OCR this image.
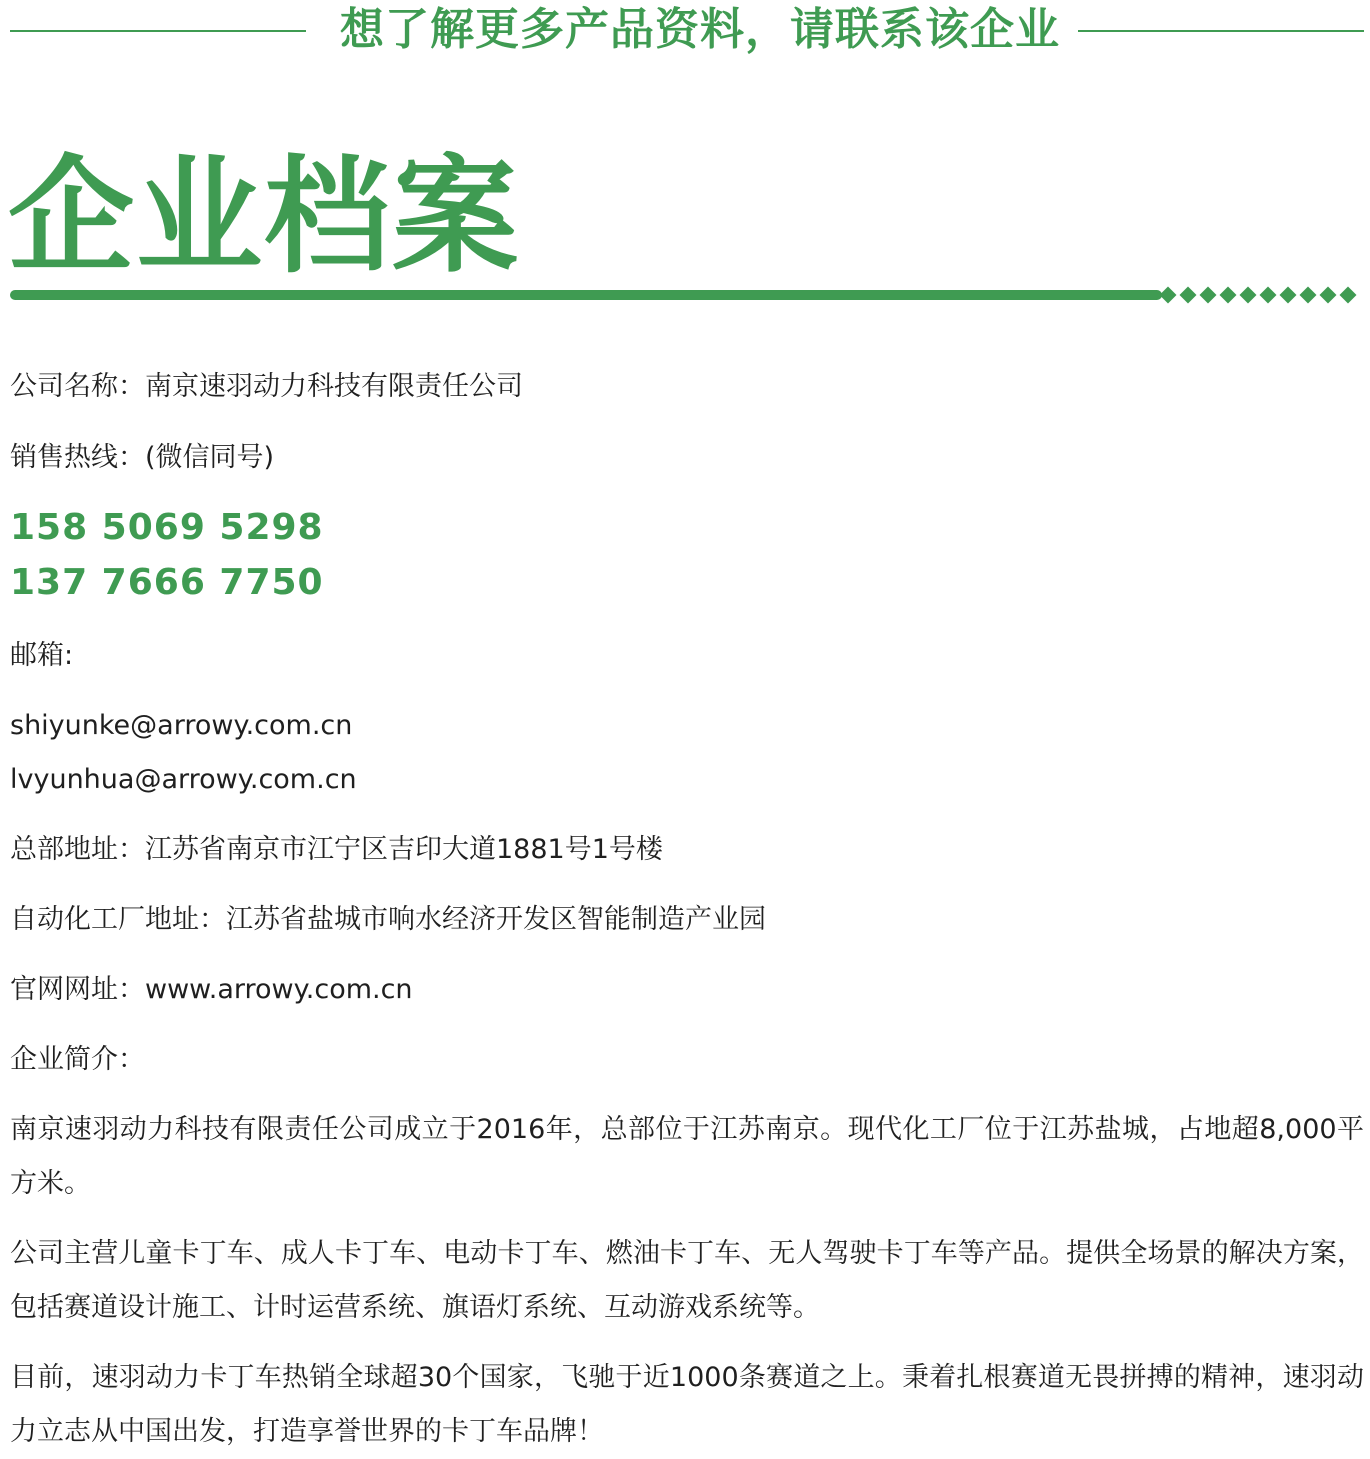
想了解更多产品资料，请联系该企业
企业档案
公司名称：南京速羽动力科技有限责任公司
销售热线：(微信同号)
158 5069 5298
137 7666 7750
邮箱:
shiyunke@arrowy.com.cn
lvyunhua@arrowy.com.cn
总部地址：江苏省南京市江宁区吉印大道1881号1号楼
自动化工厂地址：江苏省盐城市响水经济开发区智能制造产业园
官网网址：www.arrowy.com.cn
企业简介：
南京速羽动力科技有限责任公司成立于2016年，总部位于江苏南京。现代化工厂位于江苏盐城，占地超8,000平方米。
公司主营儿童卡丁车、成人卡丁车、电动卡丁车、燃油卡丁车、无人驾驶卡丁车等产品。提供全场景的解决方案，包括赛道设计施工、计时运营系统、旗语灯系统、互动游戏系统等。
目前，速羽动力卡丁车热销全球超30个国家，飞驰于近1000条赛道之上。秉着扎根赛道无畏拼搏的精神，速羽动力立志从中国出发，打造享誉世界的卡丁车品牌！
